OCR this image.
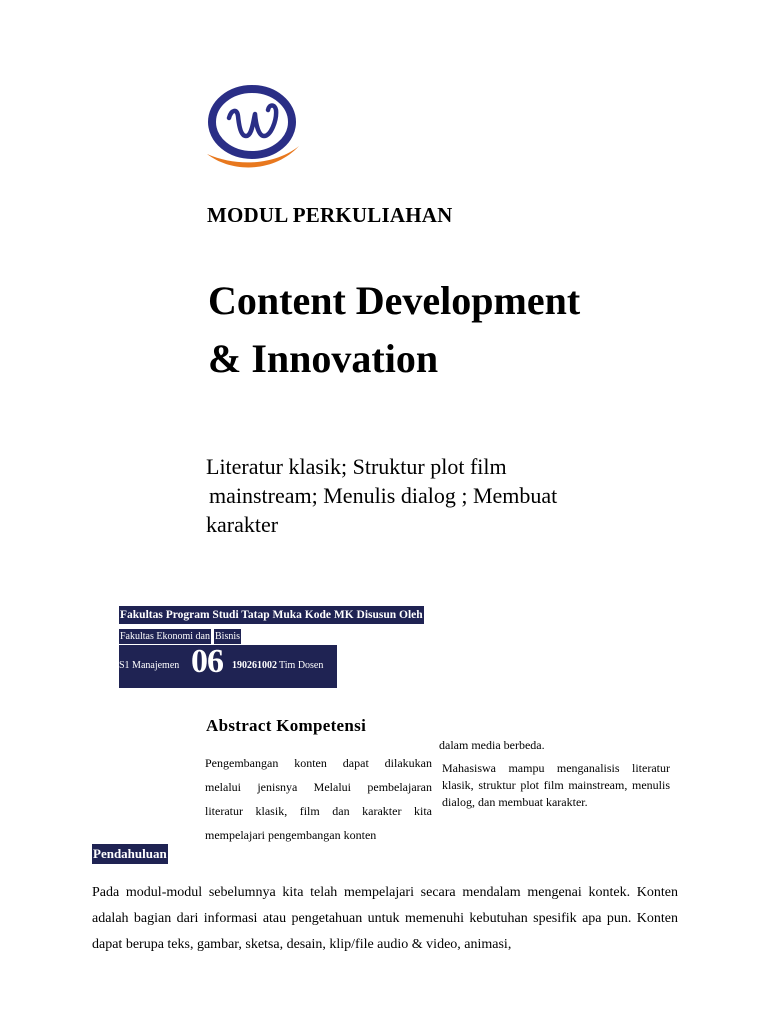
MODUL PERKULIAHAN
Content Development
& Innovation
Literatur klasik; Struktur plot film
mainstream; Menulis dialog ; Membuat
karakter
Fakultas Program Studi Tatap Muka Kode MK Disusun Oleh
Fakultas Ekonomi dan Bisnis
S1 Manajemen 06 190261002 Tim Dosen
Abstract Kompetensi
Pengembangan konten dapat dilakukan melalui jenisnya Melalui pembelajaran literatur klasik, film dan karakter kita mempelajari pengembangan konten
dalam media berbeda.
Mahasiswa mampu menganalisis literatur klasik, struktur plot film mainstream, menulis dialog, dan membuat karakter.
Pendahuluan
Pada modul-modul sebelumnya kita telah mempelajari secara mendalam mengenai kontek. Konten adalah bagian dari informasi atau pengetahuan untuk memenuhi kebutuhan spesifik apa pun. Konten dapat berupa teks, gambar, sketsa, desain, klip/file audio & video, animasi,
